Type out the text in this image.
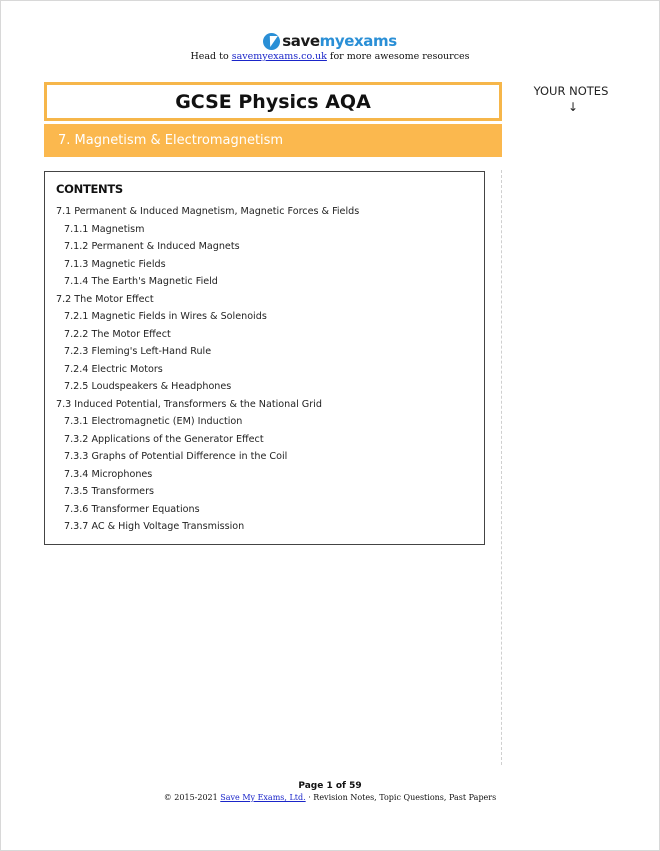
savemyexams
Head to savemyexams.co.uk for more awesome resources
GCSE Physics AQA
7. Magnetism & Electromagnetism
YOUR NOTES
↓
CONTENTS
7.1 Permanent & Induced Magnetism, Magnetic Forces & Fields
7.1.1 Magnetism
7.1.2 Permanent & Induced Magnets
7.1.3 Magnetic Fields
7.1.4 The Earth's Magnetic Field
7.2 The Motor Effect
7.2.1 Magnetic Fields in Wires & Solenoids
7.2.2 The Motor Effect
7.2.3 Fleming's Left-Hand Rule
7.2.4 Electric Motors
7.2.5 Loudspeakers & Headphones
7.3 Induced Potential, Transformers & the National Grid
7.3.1 Electromagnetic (EM) Induction
7.3.2 Applications of the Generator Effect
7.3.3 Graphs of Potential Difference in the Coil
7.3.4 Microphones
7.3.5 Transformers
7.3.6 Transformer Equations
7.3.7 AC & High Voltage Transmission
Page 1 of 59
© 2015-2021 Save My Exams, Ltd. · Revision Notes, Topic Questions, Past Papers
